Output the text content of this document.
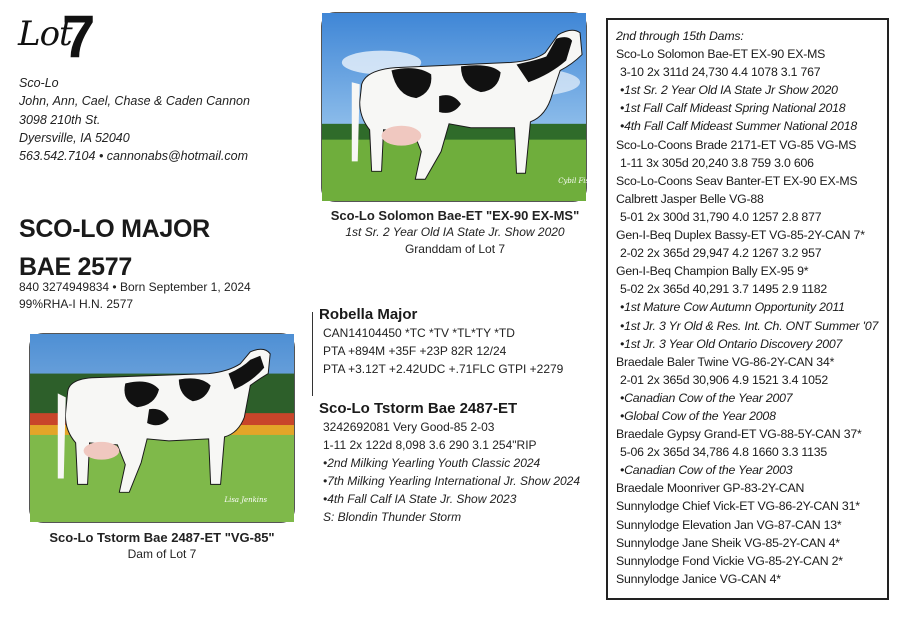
Lot
7
Sco-Lo
John, Ann, Cael, Chase & Caden Cannon
3098 210th St.
Dyersville, IA 52040
563.542.7104 • cannonabs@hotmail.com
SCO-LO MAJOR
BAE 2577
840 3274949834 • Born September 1, 2024
99%RHA-I H.N. 2577
Cybil Fisher
Sco-Lo Solomon Bae-ET "EX-90 EX-MS"
1st Sr. 2 Year Old IA State Jr. Show 2020
Granddam of Lot 7
Lisa Jenkins
Sco-Lo Tstorm Bae 2487-ET "VG-85"
Dam of Lot 7
Robella Major
CAN14104450 *TC *TV *TL*TY *TD
PTA +894M +35F +23P 82R 12/24
PTA +3.12T +2.42UDC +.71FLC GTPI +2279
Sco-Lo Tstorm Bae 2487-ET
3242692081 Very Good-85 2-03
1-11 2x 122d 8,098 3.6 290 3.1 254"RIP
•2nd Milking Yearling Youth Classic 2024
•7th Milking Yearling International Jr. Show 2024
•4th Fall Calf IA State Jr. Show 2023
S: Blondin Thunder Storm
2nd through 15th Dams:
Sco-Lo Solomon Bae-ET EX-90 EX-MS
3-10 2x 311d 24,730 4.4 1078 3.1 767
•1st Sr. 2 Year Old IA State Jr Show 2020
•1st Fall Calf Mideast Spring National 2018
•4th Fall Calf Mideast Summer National 2018
Sco-Lo-Coons Brade 2171-ET VG-85 VG-MS
1-11 3x 305d 20,240 3.8 759 3.0 606
Sco-Lo-Coons Seav Banter-ET EX-90 EX-MS
Calbrett Jasper Belle VG-88
5-01 2x 300d 31,790 4.0 1257 2.8 877
Gen-I-Beq Duplex Bassy-ET VG-85-2Y-CAN 7*
2-02 2x 365d 29,947 4.2 1267 3.2 957
Gen-I-Beq Champion Bally EX-95 9*
5-02 2x 365d 40,291 3.7 1495 2.9 1182
•1st Mature Cow Autumn Opportunity 2011
•1st Jr. 3 Yr Old & Res. Int. Ch. ONT Summer '07
•1st Jr. 3 Year Old Ontario Discovery 2007
Braedale Baler Twine VG-86-2Y-CAN 34*
2-01 2x 365d 30,906 4.9 1521 3.4 1052
•Canadian Cow of the Year 2007
•Global Cow of the Year 2008
Braedale Gypsy Grand-ET VG-88-5Y-CAN 37*
5-06 2x 365d 34,786 4.8 1660 3.3 1135
•Canadian Cow of the Year 2003
Braedale Moonriver GP-83-2Y-CAN
Sunnylodge Chief Vick-ET VG-86-2Y-CAN 31*
Sunnylodge Elevation Jan VG-87-CAN 13*
Sunnylodge Jane Sheik VG-85-2Y-CAN 4*
Sunnylodge Fond Vickie VG-85-2Y-CAN 2*
Sunnylodge Janice VG-CAN 4*
